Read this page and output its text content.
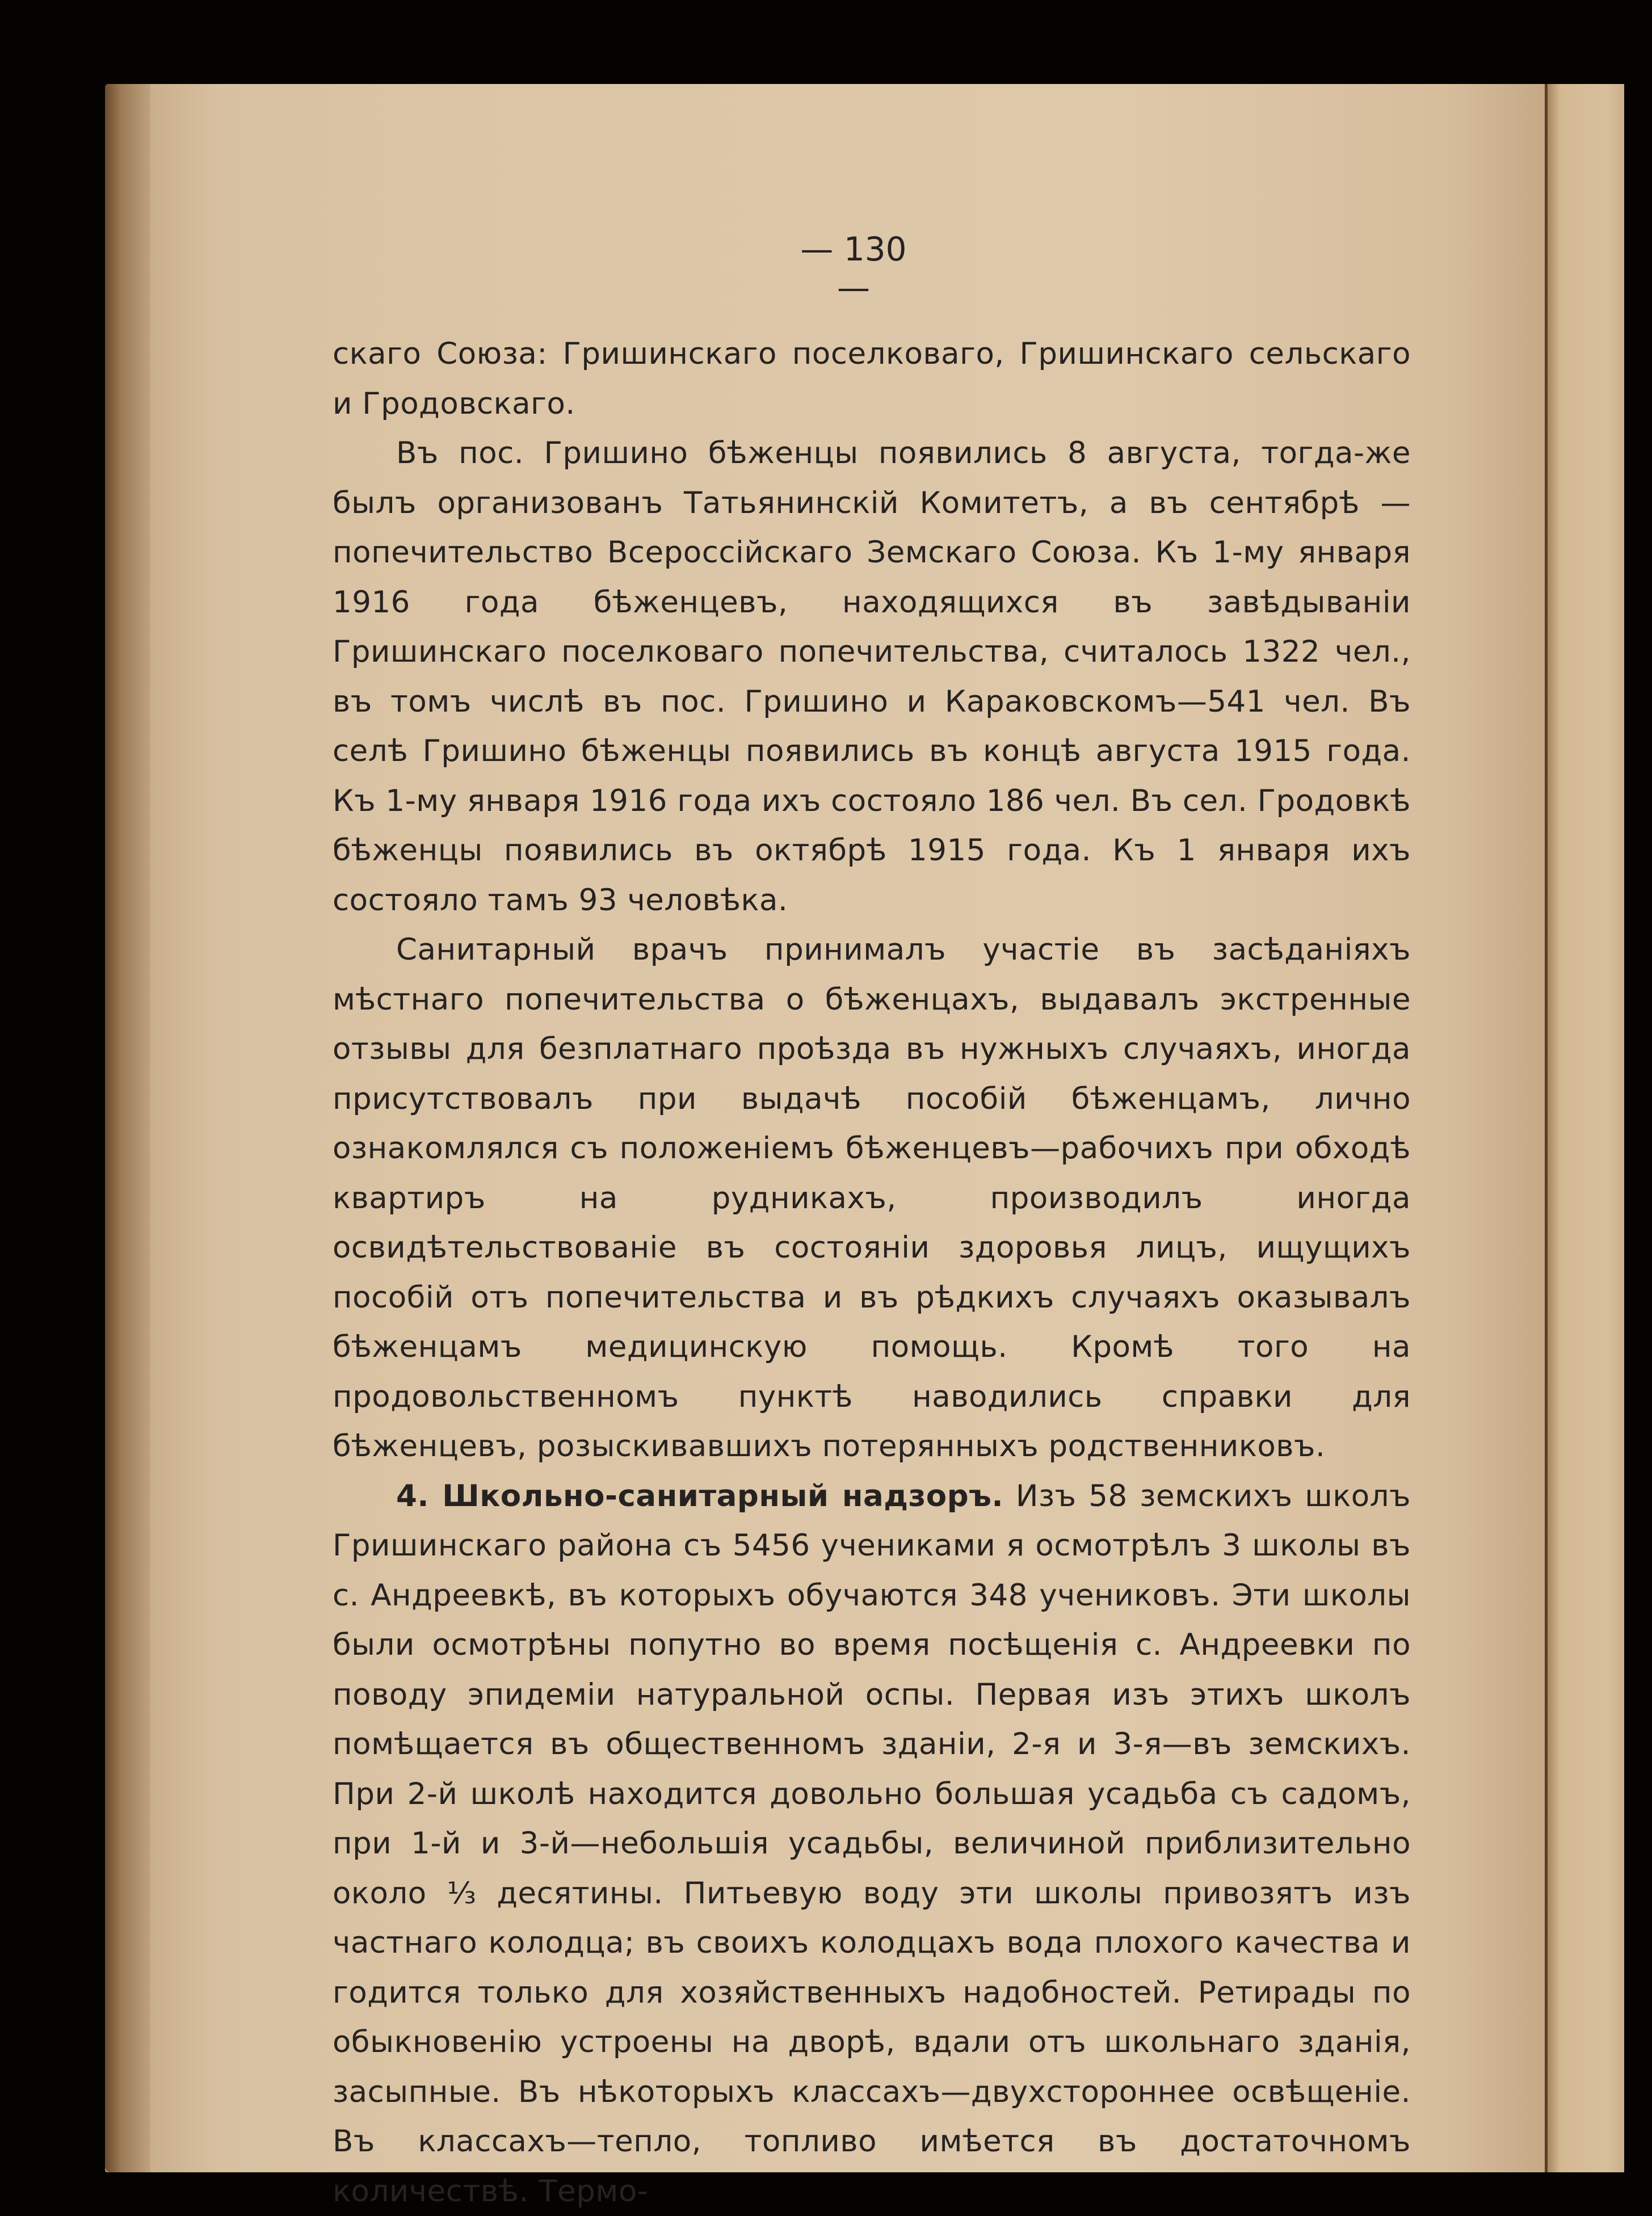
— 130 —

скаго Союза: Гришинскаго поселковаго, Гришинскаго сельскаго и Гродовскаго.

Въ пос. Гришино бѣженцы появились 8 августа, тогда-же былъ организованъ Татьянинскій Комитетъ, а въ сентябрѣ —попечительство Всероссійскаго Земскаго Союза. Къ 1-му января 1916 года бѣженцевъ, находящихся въ завѣдываніи Гришинскаго поселковаго попечительства, считалось 1322 чел., въ томъ числѣ въ пос. Гришино и Караковскомъ—541 чел. Въ селѣ Гришино бѣженцы появились въ концѣ августа 1915 года. Къ 1-му января 1916 года ихъ состояло 186 чел. Въ сел. Гродовкѣ бѣженцы появились въ октябрѣ 1915 года. Къ 1 января ихъ состояло тамъ 93 человѣка.

Санитарный врачъ принималъ участіе въ засѣданіяхъ мѣстнаго попечительства о бѣженцахъ, выдавалъ экстренные отзывы для безплатнаго проѣзда въ нужныхъ случаяхъ, иногда присутствовалъ при выдачѣ пособій бѣженцамъ, лично ознакомлялся съ положеніемъ бѣженцевъ—рабочихъ при обходѣ квартиръ на рудникахъ, производилъ иногда освидѣтельствованіе въ состояніи здоровья лицъ, ищущихъ пособій отъ попечительства и въ рѣдкихъ случаяхъ оказывалъ бѣженцамъ медицинскую помощь. Кромѣ того на продовольственномъ пунктѣ наводились справки для бѣженцевъ, розыскивавшихъ потерянныхъ родственниковъ.

4. Школьно-санитарный надзоръ. Изъ 58 земскихъ школъ Гришинскаго района съ 5456 учениками я осмотрѣлъ 3 школы въ с. Андреевкѣ, въ которыхъ обучаются 348 учениковъ. Эти школы были осмотрѣны попутно во время посѣщенія с. Андреевки по поводу эпидеміи натуральной оспы. Первая изъ этихъ школъ помѣщается въ общественномъ зданіи, 2-я и 3-я—въ земскихъ. При 2-й школѣ находится довольно большая усадьба съ садомъ, при 1-й и 3-й—небольшія усадьбы, величиной приблизительно около ⅓ десятины. Питьевую воду эти школы привозятъ изъ частнаго колодца; въ своихъ колодцахъ вода плохого качества и годится только для хозяйственныхъ надобностей. Ретирады по обыкновенію устроены на дворѣ, вдали отъ школьнаго зданія, засыпные. Въ нѣкоторыхъ классахъ—двухстороннее освѣщеніе. Въ классахъ—тепло, топливо имѣется въ достаточномъ количествѣ. Термо-
